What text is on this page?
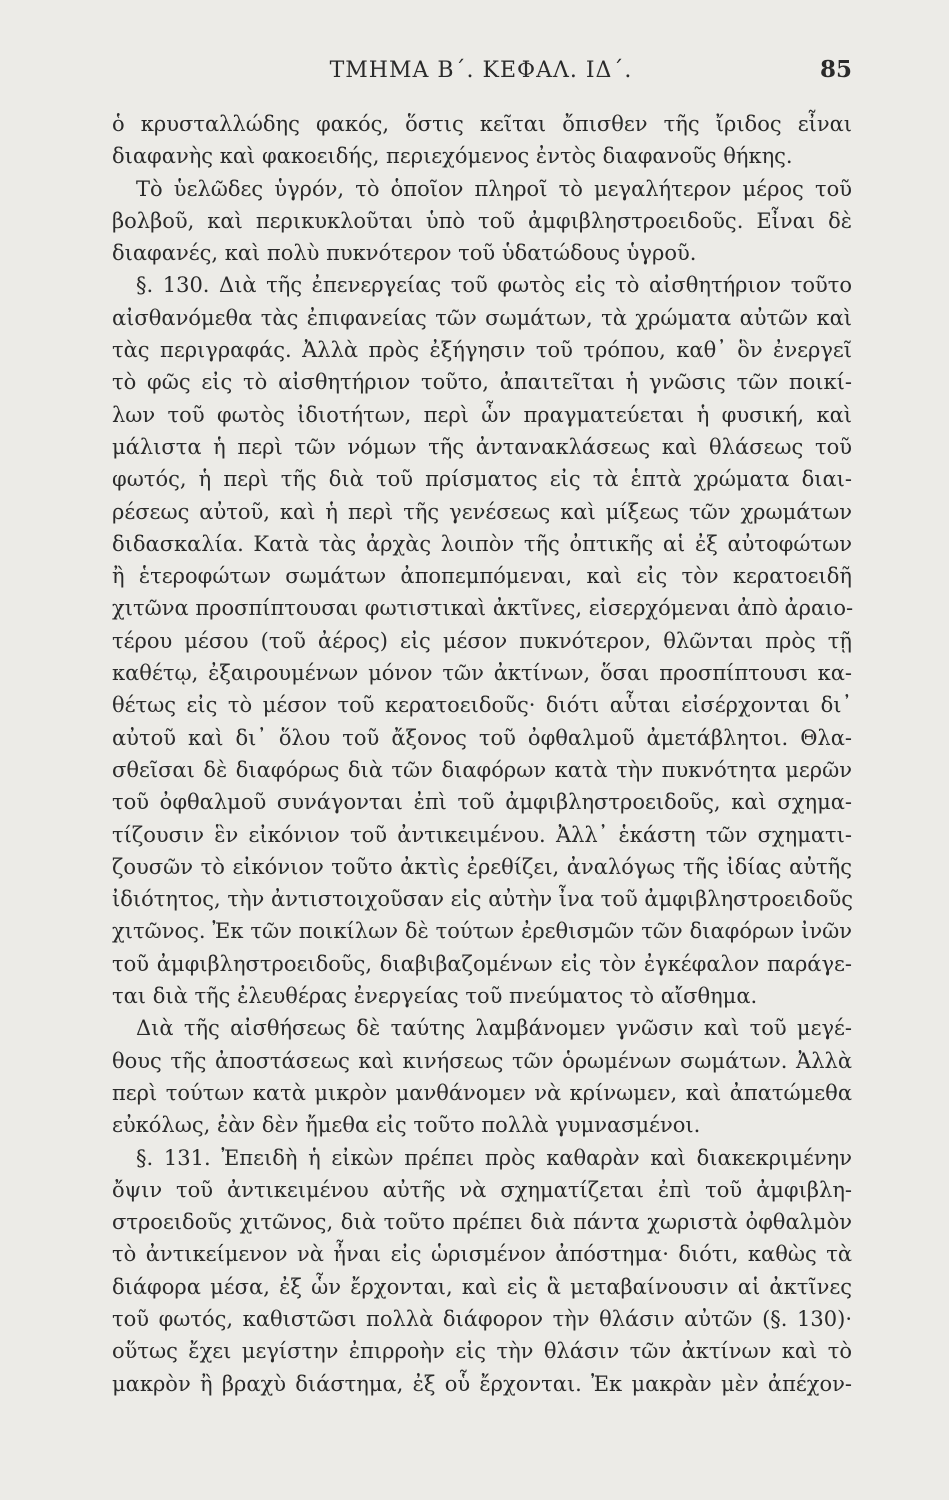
ΤΜΗΜΑ Β΄. ΚΕΦΑΛ. ΙΔ΄.	85
ὁ κρυσταλλώδης φακός, ὅστις κεῖται ὄπισθεν τῆς ἴριδος εἶναι
διαφανὴς καὶ φακοειδής, περιεχόμενος ἐντὸς διαφανοῦς θήκης.
Τὸ ὑελῶδες ὑγρόν, τὸ ὁποῖον πληροῖ τὸ μεγαλήτερον μέρος τοῦ
βολβοῦ, καὶ περικυκλοῦται ὑπὸ τοῦ ἀμφιβληστροειδοῦς. Εἶναι δὲ
διαφανές, καὶ πολὺ πυκνότερον τοῦ ὑδατώδους ὑγροῦ.
§. 130. Διὰ τῆς ἐπενεργείας τοῦ φωτὸς εἰς τὸ αἰσθητήριον τοῦτο
αἰσθανόμεθα τὰς ἐπιφανείας τῶν σωμάτων, τὰ χρώματα αὐτῶν καὶ
τὰς περιγραφάς. Ἀλλὰ πρὸς ἐξήγησιν τοῦ τρόπου, καθ᾿ ὃν ἐνεργεῖ
τὸ φῶς εἰς τὸ αἰσθητήριον τοῦτο, ἀπαιτεῖται ἡ γνῶσις τῶν ποικί-
λων τοῦ φωτὸς ἰδιοτήτων, περὶ ὧν πραγματεύεται ἡ φυσική, καὶ
μάλιστα ἡ περὶ τῶν νόμων τῆς ἀντανακλάσεως καὶ θλάσεως τοῦ
φωτός, ἡ περὶ τῆς διὰ τοῦ πρίσματος εἰς τὰ ἑπτὰ χρώματα διαι-
ρέσεως αὐτοῦ, καὶ ἡ περὶ τῆς γενέσεως καὶ μίξεως τῶν χρωμάτων
διδασκαλία. Κατὰ τὰς ἀρχὰς λοιπὸν τῆς ὀπτικῆς αἱ ἐξ αὐτοφώτων
ἢ ἑτεροφώτων σωμάτων ἀποπεμπόμεναι, καὶ εἰς τὸν κερατοειδῆ
χιτῶνα προσπίπτουσαι φωτιστικαὶ ἀκτῖνες, εἰσερχόμεναι ἀπὸ ἀραιο-
τέρου μέσου (τοῦ ἀέρος) εἰς μέσον πυκνότερον, θλῶνται πρὸς τῇ
καθέτῳ, ἐξαιρουμένων μόνον τῶν ἀκτίνων, ὅσαι προσπίπτουσι κα-
θέτως εἰς τὸ μέσον τοῦ κερατοειδοῦς· διότι αὗται εἰσέρχονται δι᾿
αὐτοῦ καὶ δι᾿ ὅλου τοῦ ἄξονος τοῦ ὀφθαλμοῦ ἀμετάβλητοι. Θλα-
σθεῖσαι δὲ διαφόρως διὰ τῶν διαφόρων κατὰ τὴν πυκνότητα μερῶν
τοῦ ὀφθαλμοῦ συνάγονται ἐπὶ τοῦ ἀμφιβληστροειδοῦς, καὶ σχημα-
τίζουσιν ἓν εἰκόνιον τοῦ ἀντικειμένου. Ἀλλ᾿ ἑκάστη τῶν σχηματι-
ζουσῶν τὸ εἰκόνιον τοῦτο ἀκτὶς ἐρεθίζει, ἀναλόγως τῆς ἰδίας αὐτῆς
ἰδιότητος, τὴν ἀντιστοιχοῦσαν εἰς αὐτὴν ἶνα τοῦ ἀμφιβληστροειδοῦς
χιτῶνος. Ἐκ τῶν ποικίλων δὲ τούτων ἐρεθισμῶν τῶν διαφόρων ἰνῶν
τοῦ ἀμφιβληστροειδοῦς, διαβιβαζομένων εἰς τὸν ἐγκέφαλον παράγε-
ται διὰ τῆς ἐλευθέρας ἐνεργείας τοῦ πνεύματος τὸ αἴσθημα.
Διὰ τῆς αἰσθήσεως δὲ ταύτης λαμβάνομεν γνῶσιν καὶ τοῦ μεγέ-
θους τῆς ἀποστάσεως καὶ κινήσεως τῶν ὁρωμένων σωμάτων. Ἀλλὰ
περὶ τούτων κατὰ μικρὸν μανθάνομεν νὰ κρίνωμεν, καὶ ἀπατώμεθα
εὐκόλως, ἐὰν δὲν ἤμεθα εἰς τοῦτο πολλὰ γυμνασμένοι.
§. 131. Ἐπειδὴ ἡ εἰκὼν πρέπει πρὸς καθαρὰν καὶ διακεκριμένην
ὄψιν τοῦ ἀντικειμένου αὐτῆς νὰ σχηματίζεται ἐπὶ τοῦ ἀμφιβλη-
στροειδοῦς χιτῶνος, διὰ τοῦτο πρέπει διὰ πάντα χωριστὰ ὀφθαλμὸν
τὸ ἀντικείμενον νὰ ἦναι εἰς ὡρισμένον ἀπόστημα· διότι, καθὼς τὰ
διάφορα μέσα, ἐξ ὧν ἔρχονται, καὶ εἰς ἃ μεταβαίνουσιν αἱ ἀκτῖνες
τοῦ φωτός, καθιστῶσι πολλὰ διάφορον τὴν θλάσιν αὐτῶν (§. 130)·
οὕτως ἔχει μεγίστην ἐπιρροὴν εἰς τὴν θλάσιν τῶν ἀκτίνων καὶ τὸ
μακρὸν ἢ βραχὺ διάστημα, ἐξ οὗ ἔρχονται. Ἐκ μακρὰν μὲν ἀπέχον-
